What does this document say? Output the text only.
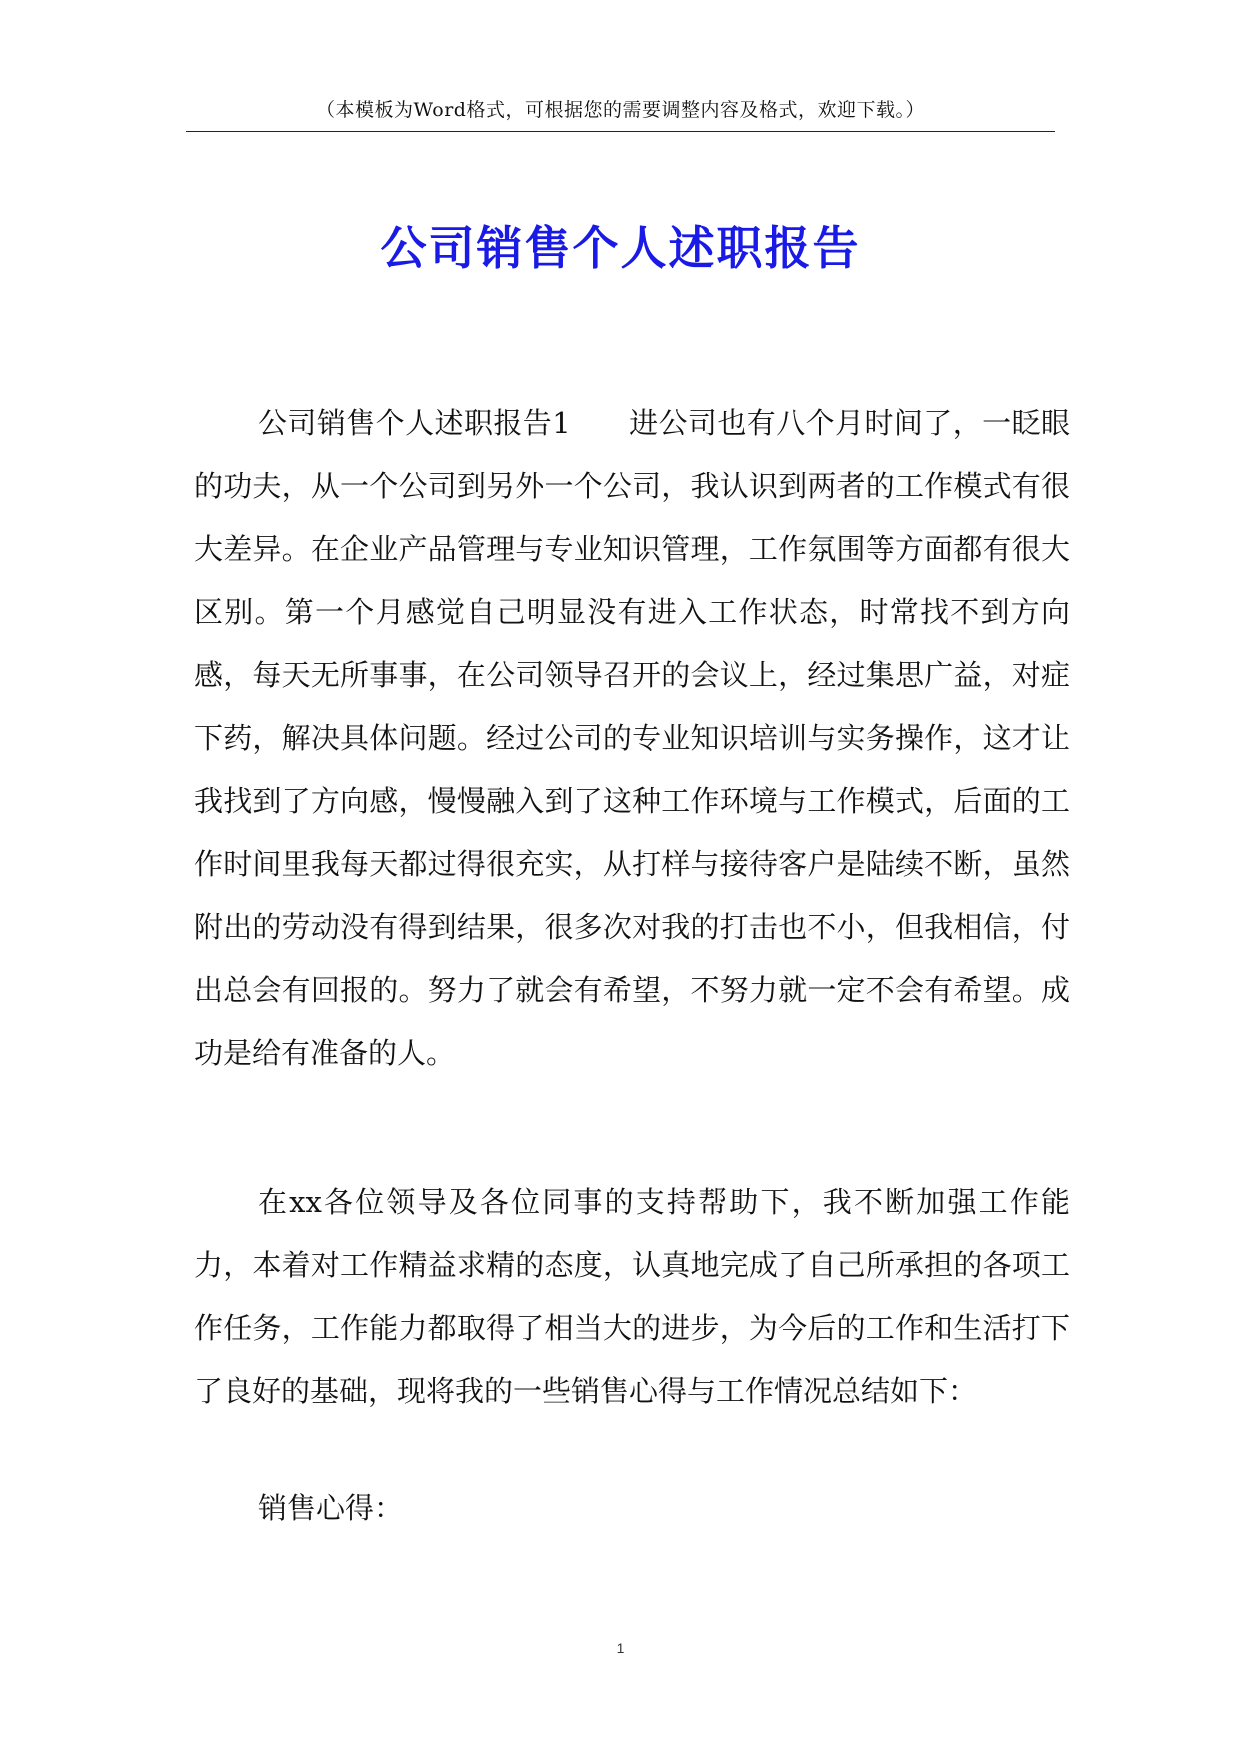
（本模板为Word格式，可根据您的需要调整内容及格式，欢迎下载。）
公司销售个人述职报告
公司销售个人述职报告1 进公司也有八个月时间了，一眨眼的功夫，从一个公司到另外一个公司，我认识到两者的工作模式有很大差异。在企业产品管理与专业知识管理，工作氛围等方面都有很大区别。第一个月感觉自己明显没有进入工作状态，时常找不到方向感，每天无所事事，在公司领导召开的会议上，经过集思广益，对症下药，解决具体问题。经过公司的专业知识培训与实务操作，这才让我找到了方向感，慢慢融入到了这种工作环境与工作模式，后面的工作时间里我每天都过得很充实，从打样与接待客户是陆续不断，虽然附出的劳动没有得到结果，很多次对我的打击也不小，但我相信，付出总会有回报的。努力了就会有希望，不努力就一定不会有希望。成功是给有准备的人。
在xx各位领导及各位同事的支持帮助下，我不断加强工作能力，本着对工作精益求精的态度，认真地完成了自己所承担的各项工作任务，工作能力都取得了相当大的进步，为今后的工作和生活打下了良好的基础，现将我的一些销售心得与工作情况总结如下：
销售心得：
1
